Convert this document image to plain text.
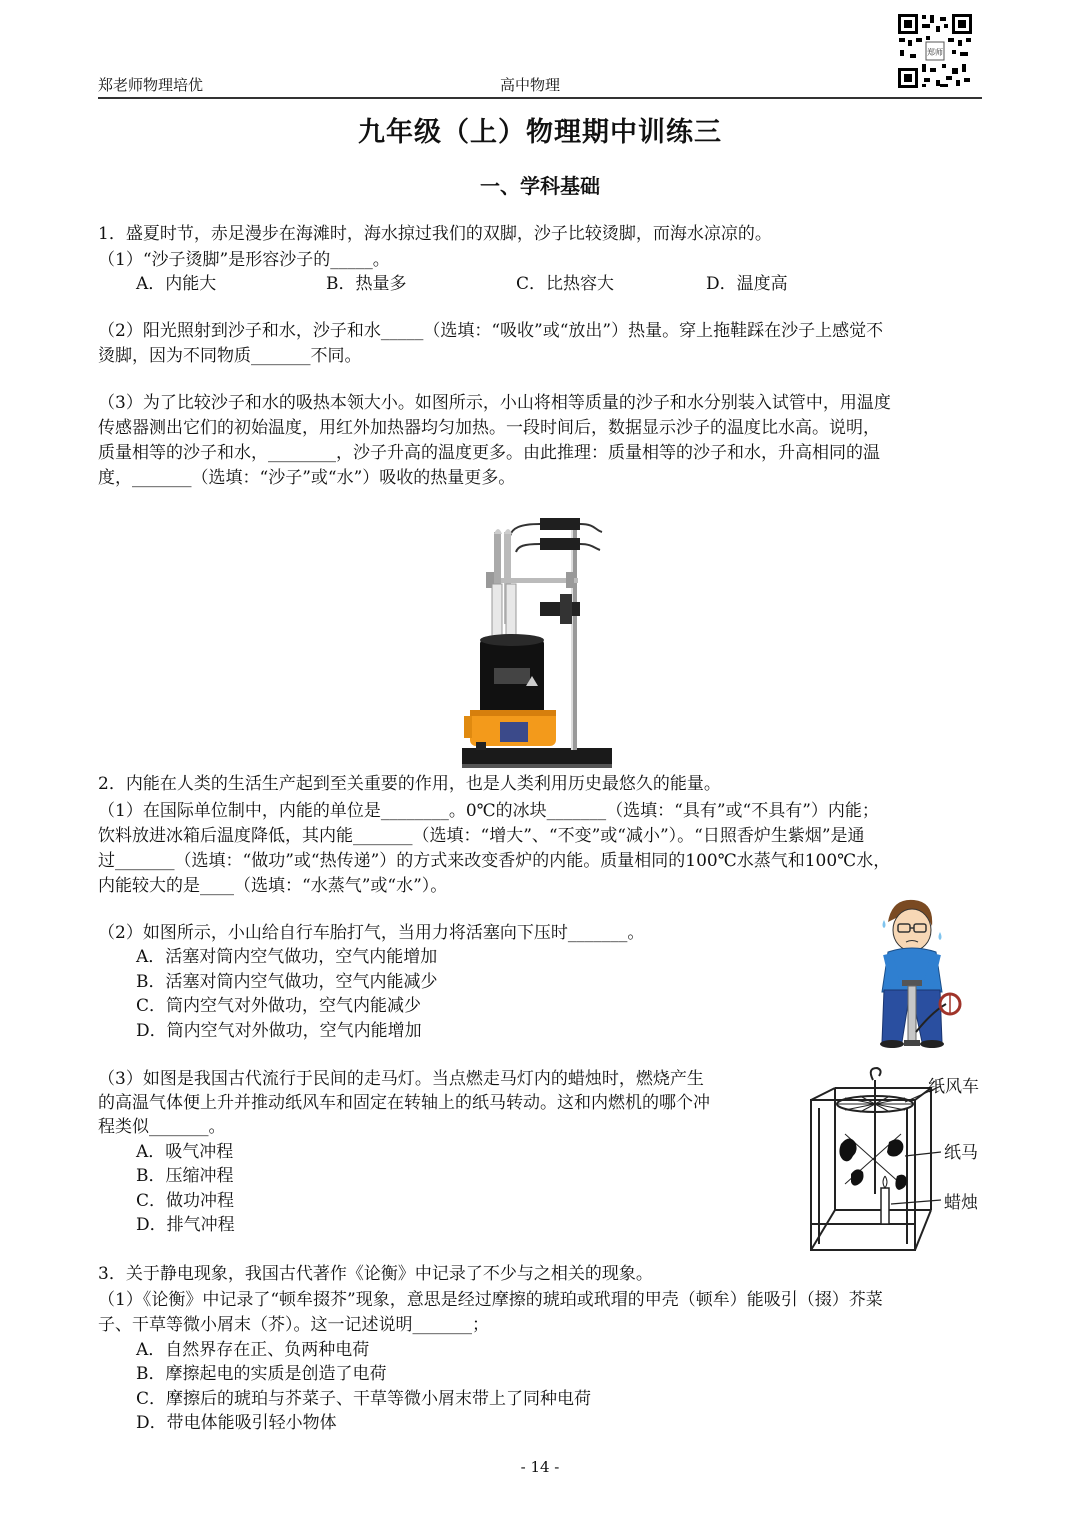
郑老师物理培优	高中物理
郑师
九年级（上）物理期中训练三
一、学科基础
1．盛夏时节，赤足漫步在海滩时，海水掠过我们的双脚，沙子比较烫脚，而海水凉凉的。
（1）“沙子烫脚”是形容沙子的_____。
A．内能大	B．热量多	C．比热容大	D．温度高
（2）阳光照射到沙子和水，沙子和水_____（选填：“吸收”或“放出”）热量。穿上拖鞋踩在沙子上感觉不
烫脚，因为不同物质_______不同。
（3）为了比较沙子和水的吸热本领大小。如图所示，小山将相等质量的沙子和水分别装入试管中，用温度
传感器测出它们的初始温度，用红外加热器均匀加热。一段时间后，数据显示沙子的温度比水高。说明，
质量相等的沙子和水，________，沙子升高的温度更多。由此推理：质量相等的沙子和水，升高相同的温
度，_______（选填：“沙子”或“水”）吸收的热量更多。
2．内能在人类的生活生产起到至关重要的作用，也是人类利用历史最悠久的能量。
（1）在国际单位制中，内能的单位是________。0℃的冰块_______（选填：“具有”或“不具有”）内能；
饮料放进冰箱后温度降低，其内能_______（选填：“增大”、“不变”或“减小”）。“日照香炉生紫烟”是通
过_______（选填：“做功”或“热传递”）的方式来改变香炉的内能。质量相同的100℃水蒸气和100℃水，
内能较大的是____（选填：“水蒸气”或“水”）。
（2）如图所示，小山给自行车胎打气，当用力将活塞向下压时_______。
A．活塞对筒内空气做功，空气内能增加
B．活塞对筒内空气做功，空气内能减少
C．筒内空气对外做功，空气内能减少
D．筒内空气对外做功，空气内能增加
（3）如图是我国古代流行于民间的走马灯。当点燃走马灯内的蜡烛时，燃烧产生
的高温气体便上升并推动纸风车和固定在转轴上的纸马转动。这和内燃机的哪个冲
程类似_______。
A．吸气冲程
B．压缩冲程
C．做功冲程
D．排气冲程
纸风车
纸马
蜡烛
3．关于静电现象，我国古代著作《论衡》中记录了不少与之相关的现象。
（1）《论衡》中记录了“顿牟掇芥”现象，意思是经过摩擦的琥珀或玳瑁的甲壳（顿牟）能吸引（掇）芥菜
子、干草等微小屑末（芥）。这一记述说明_______；
A．自然界存在正、负两种电荷
B．摩擦起电的实质是创造了电荷
C．摩擦后的琥珀与芥菜子、干草等微小屑末带上了同种电荷
D．带电体能吸引轻小物体
- 14 -
